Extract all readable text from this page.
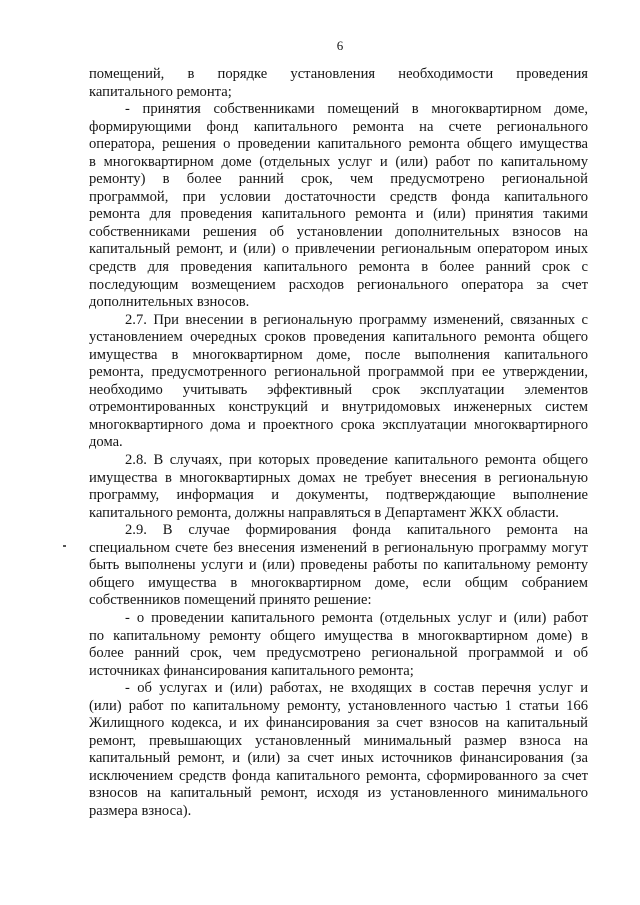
6
помещений, в порядке установления необходимости проведения
капитального ремонта;
- принятия собственниками помещений в многоквартирном доме,
формирующими фонд капитального ремонта на счете регионального
оператора, решения о проведении капитального ремонта общего имущества
в многоквартирном доме (отдельных услуг и (или) работ по капитальному
ремонту) в более ранний срок, чем предусмотрено региональной
программой, при условии достаточности средств фонда капитального
ремонта для проведения капитального ремонта и (или) принятия такими
собственниками решения об установлении дополнительных взносов на
капитальный ремонт, и (или) о привлечении региональным оператором иных
средств для проведения капитального ремонта в более ранний срок с
последующим возмещением расходов регионального оператора за счет
дополнительных взносов.
2.7. При внесении в региональную программу изменений, связанных с
установлением очередных сроков проведения капитального ремонта общего
имущества в многоквартирном доме, после выполнения капитального
ремонта, предусмотренного региональной программой при ее утверждении,
необходимо учитывать эффективный срок эксплуатации элементов
отремонтированных конструкций и внутридомовых инженерных систем
многоквартирного дома и проектного срока эксплуатации многоквартирного
дома.
2.8. В случаях, при которых проведение капитального ремонта общего
имущества в многоквартирных домах не требует внесения в региональную
программу, информация и документы, подтверждающие выполнение
капитального ремонта, должны направляться в Департамент ЖКХ области.
2.9. В случае формирования фонда капитального ремонта на
специальном счете без внесения изменений в региональную программу могут
быть выполнены услуги и (или) проведены работы по капитальному ремонту
общего имущества в многоквартирном доме, если общим собранием
собственников помещений принято решение:
- о проведении капитального ремонта (отдельных услуг и (или) работ
по капитальному ремонту общего имущества в многоквартирном доме) в
более ранний срок, чем предусмотрено региональной программой и об
источниках финансирования капитального ремонта;
- об услугах и (или) работах, не входящих в состав перечня услуг и
(или) работ по капитальному ремонту, установленного частью 1 статьи 166
Жилищного кодекса, и их финансирования за счет взносов на капитальный
ремонт, превышающих установленный минимальный размер взноса на
капитальный ремонт, и (или) за счет иных источников финансирования (за
исключением средств фонда капитального ремонта, сформированного за счет
взносов на капитальный ремонт, исходя из установленного минимального
размера взноса).
